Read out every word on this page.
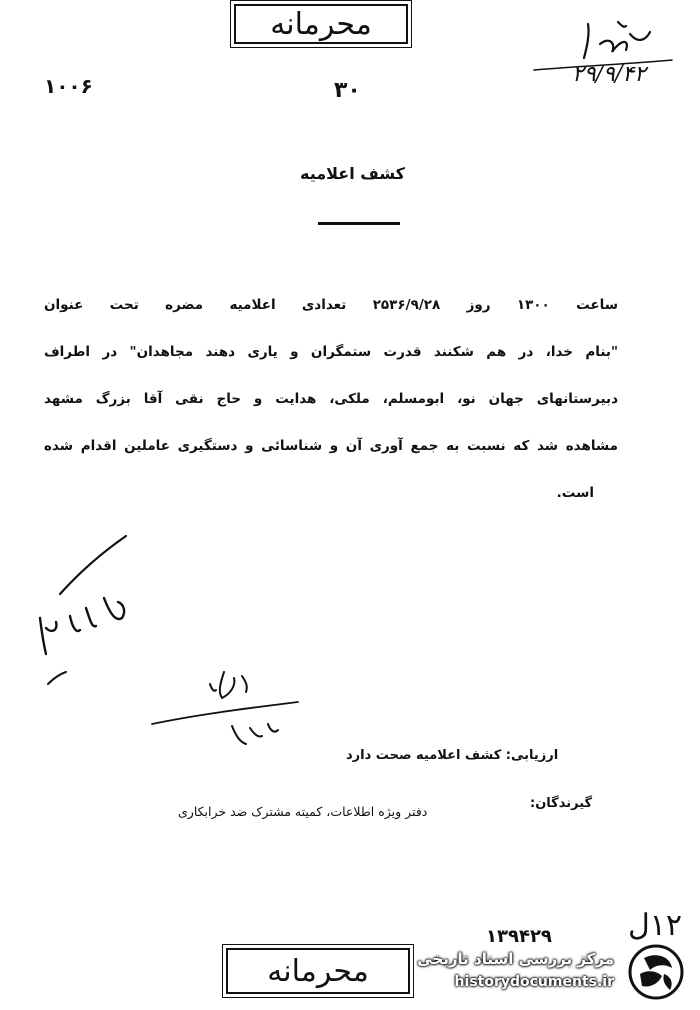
محرمانه
۱۰۰۶	۳۰
۲۹/۹/۴۲
کشف اعلامیه
ساعت ۱۳۰۰ روز ۲۵۳۶/۹/۲۸ تعدادی اعلامیه مضره تحت عنوان
"بنام خدا، در هم شکنند قدرت ستمگران و یاری دهند مجاهدان" در اطراف
دبیرستانهای جهان نو، ابومسلم، ملکی، هدایت و حاج نقی آقا بزرگ مشهد
مشاهده شد که نسبت به جمع آوری آن و شناسائی و دستگیری عاملین اقدام شده
است.
ارزیابی: کشف اعلامیه صحت دارد
گیرندگان:
دفتر ویژه اطلاعات، کمیته مشترک ضد خرابکاری
۱۲ل
۱۳۹۴۲۹
محرمانه	مرکز بررسی اسناد تاریخی
historydocuments.ir
